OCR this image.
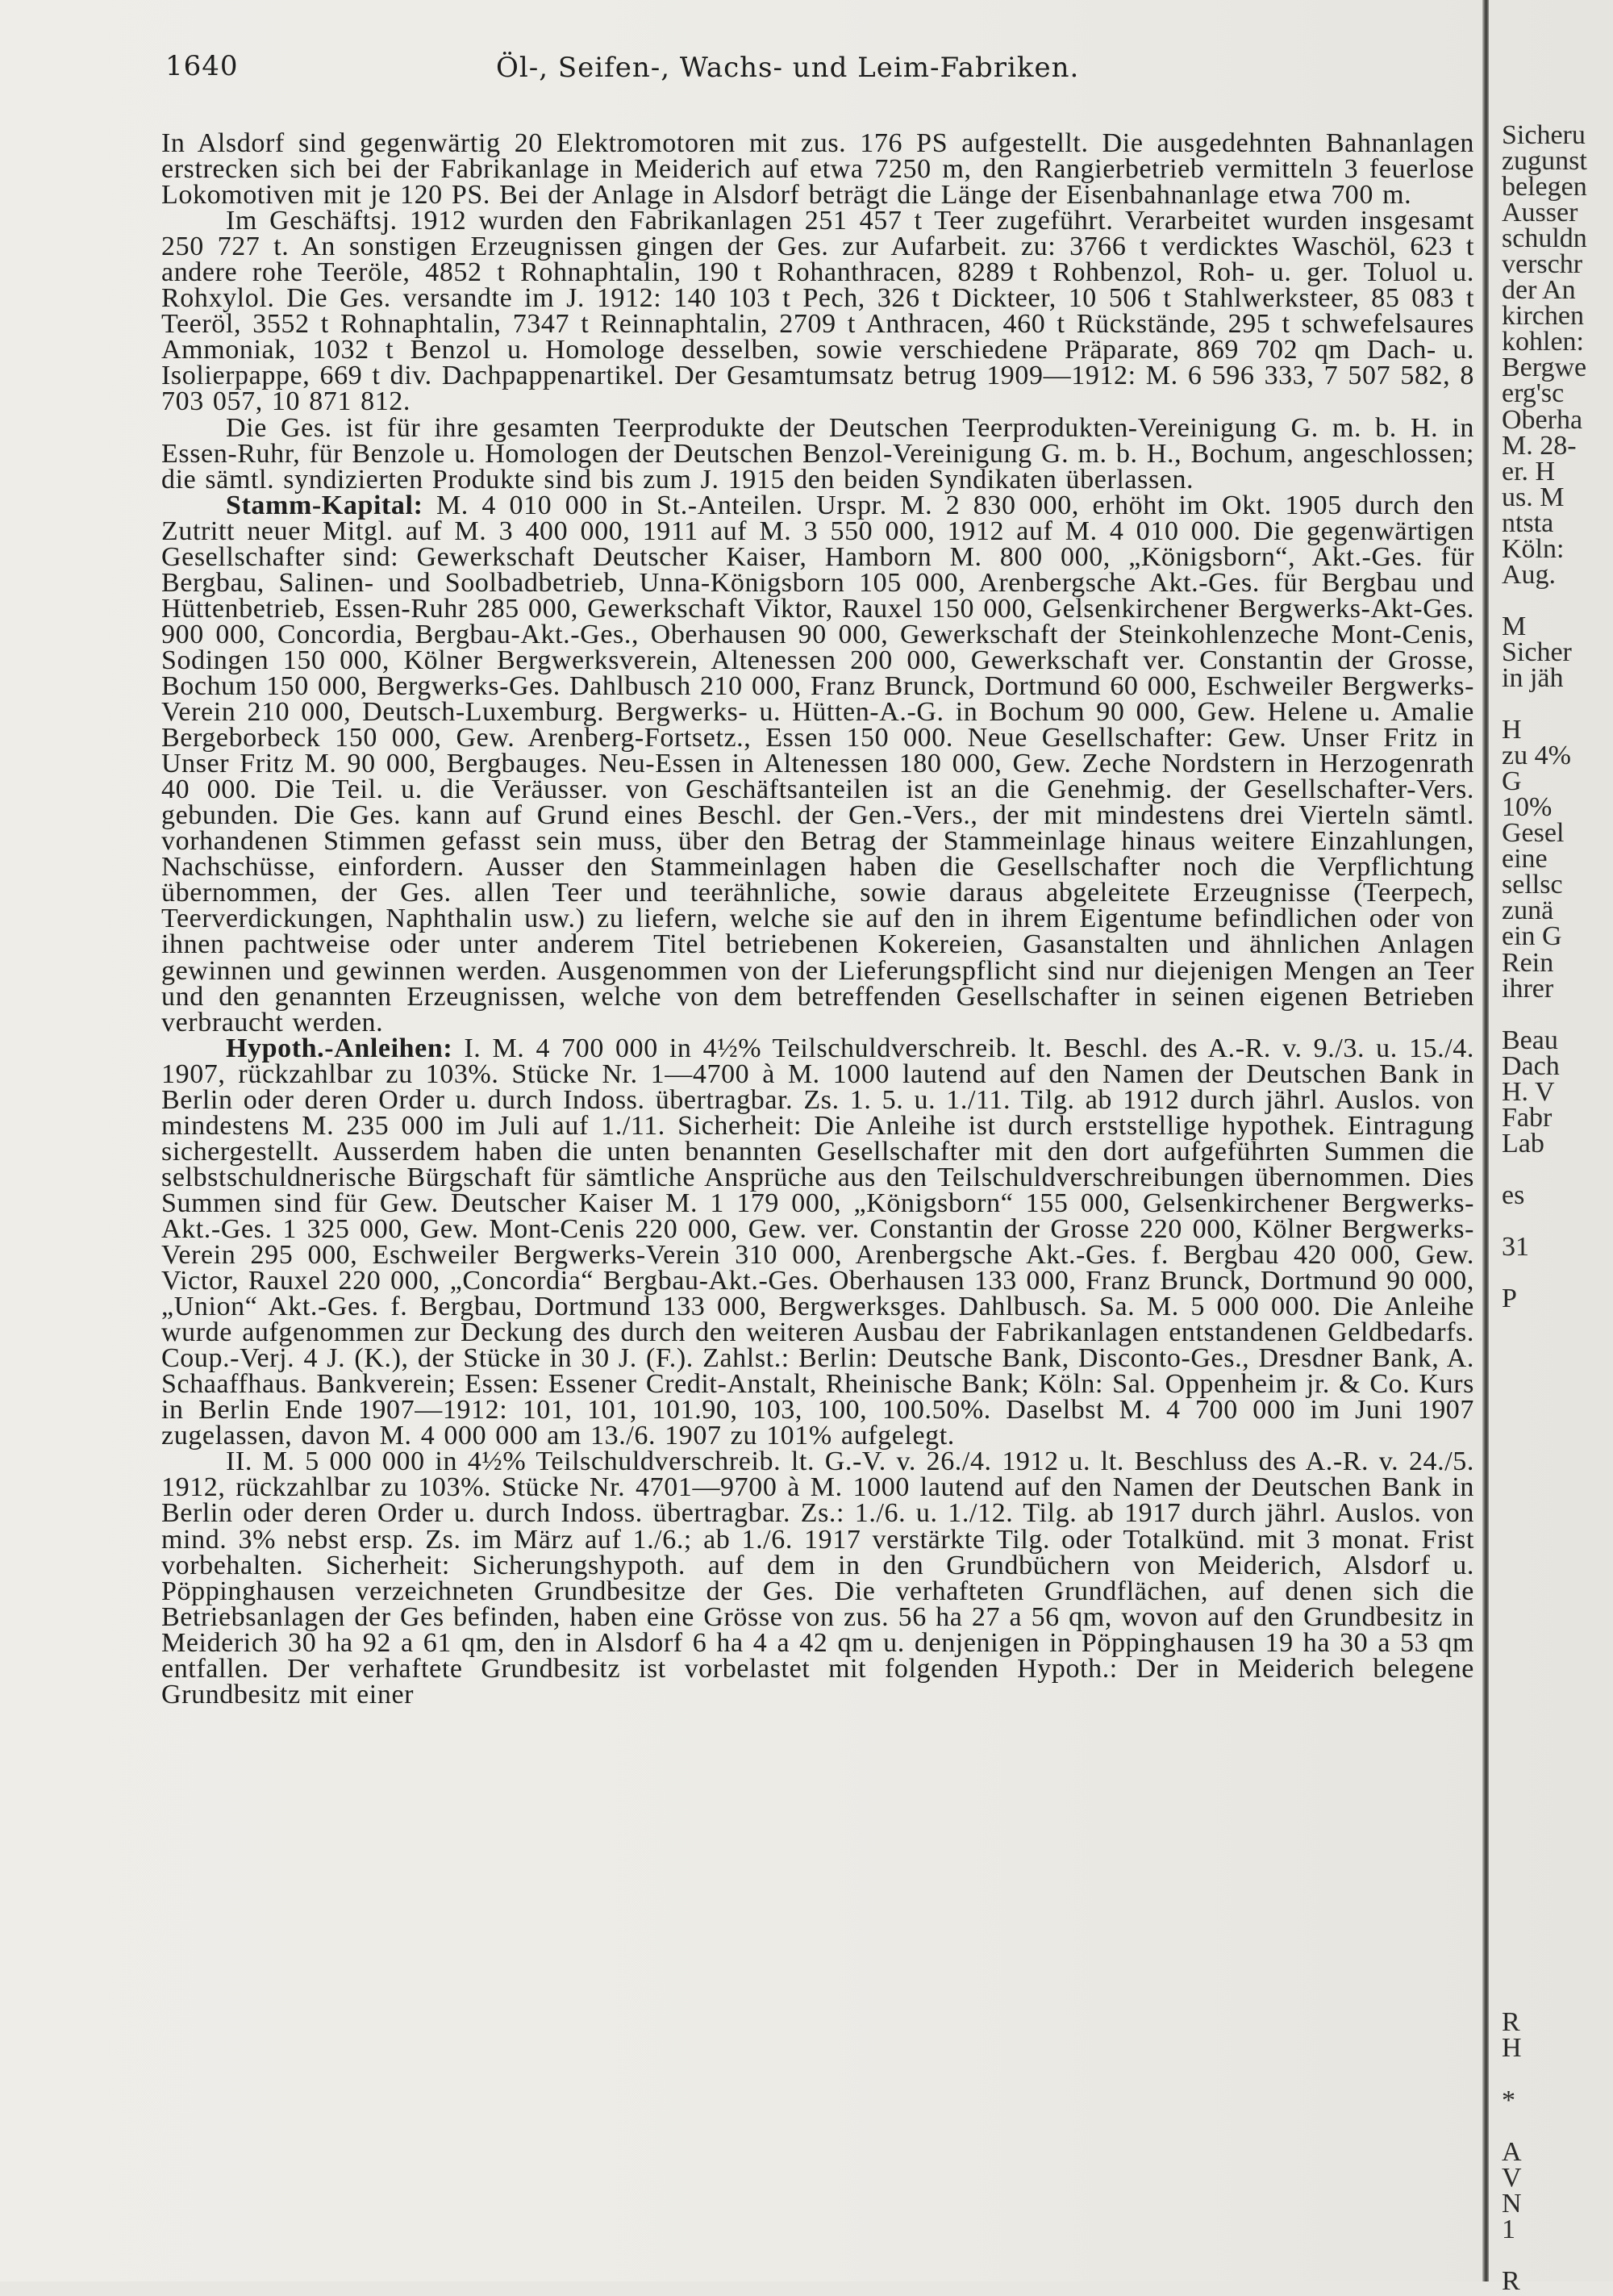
1640	Öl-, Seifen-, Wachs- und Leim-Fabriken.

In Alsdorf sind gegenwärtig 20 Elektromotoren mit zus. 176 PS aufgestellt. Die ausgedehnten Bahnanlagen erstrecken sich bei der Fabrikanlage in Meiderich auf etwa 7250 m, den Rangierbetrieb vermitteln 3 feuerlose Lokomotiven mit je 120 PS. Bei der Anlage in Alsdorf beträgt die Länge der Eisenbahnanlage etwa 700 m.

Im Geschäftsj. 1912 wurden den Fabrikanlagen 251 457 t Teer zugeführt. Verarbeitet wurden insgesamt 250 727 t. An sonstigen Erzeugnissen gingen der Ges. zur Aufarbeit. zu: 3766 t verdicktes Waschöl, 623 t andere rohe Teeröle, 4852 t Rohnaphtalin, 190 t Rohanthracen, 8289 t Rohbenzol, Roh- u. ger. Toluol u. Rohxylol. Die Ges. versandte im J. 1912: 140 103 t Pech, 326 t Dickteer, 10 506 t Stahlwerksteer, 85 083 t Teeröl, 3552 t Rohnaphtalin, 7347 t Reinnaphtalin, 2709 t Anthracen, 460 t Rückstände, 295 t schwefelsaures Ammoniak, 1032 t Benzol u. Homologe desselben, sowie verschiedene Präparate, 869 702 qm Dach- u. Isolierpappe, 669 t div. Dachpappenartikel. Der Gesamtumsatz betrug 1909—1912: M. 6 596 333, 7 507 582, 8 703 057, 10 871 812.

Die Ges. ist für ihre gesamten Teerprodukte der Deutschen Teerprodukten-Vereinigung G. m. b. H. in Essen-Ruhr, für Benzole u. Homologen der Deutschen Benzol-Vereinigung G. m. b. H., Bochum, angeschlossen; die sämtl. syndizierten Produkte sind bis zum J. 1915 den beiden Syndikaten überlassen.

Stamm-Kapital: M. 4 010 000 in St.-Anteilen. Urspr. M. 2 830 000, erhöht im Okt. 1905 durch den Zutritt neuer Mitgl. auf M. 3 400 000, 1911 auf M. 3 550 000, 1912 auf M. 4 010 000. Die gegenwärtigen Gesellschafter sind: Gewerkschaft Deutscher Kaiser, Hamborn M. 800 000, „Königsborn“, Akt.-Ges. für Bergbau, Salinen- und Soolbadbetrieb, Unna-Königsborn 105 000, Arenbergsche Akt.-Ges. für Bergbau und Hüttenbetrieb, Essen-Ruhr 285 000, Gewerkschaft Viktor, Rauxel 150 000, Gelsenkirchener Bergwerks-Akt-Ges. 900 000, Concordia, Bergbau-Akt.-Ges., Oberhausen 90 000, Gewerkschaft der Steinkohlenzeche Mont-Cenis, Sodingen 150 000, Kölner Bergwerksverein, Altenessen 200 000, Gewerkschaft ver. Constantin der Grosse, Bochum 150 000, Bergwerks-Ges. Dahlbusch 210 000, Franz Brunck, Dortmund 60 000, Eschweiler Bergwerks-Verein 210 000, Deutsch-Luxemburg. Bergwerks- u. Hütten-A.-G. in Bochum 90 000, Gew. Helene u. Amalie Bergeborbeck 150 000, Gew. Arenberg-Fortsetz., Essen 150 000. Neue Gesellschafter: Gew. Unser Fritz in Unser Fritz M. 90 000, Bergbauges. Neu-Essen in Altenessen 180 000, Gew. Zeche Nordstern in Herzogenrath 40 000. Die Teil. u. die Veräusser. von Geschäftsanteilen ist an die Genehmig. der Gesellschafter-Vers. gebunden. Die Ges. kann auf Grund eines Beschl. der Gen.-Vers., der mit mindestens drei Vierteln sämtl. vorhandenen Stimmen gefasst sein muss, über den Betrag der Stammeinlage hinaus weitere Einzahlungen, Nachschüsse, einfordern. Ausser den Stammeinlagen haben die Gesellschafter noch die Verpflichtung übernommen, der Ges. allen Teer und teerähnliche, sowie daraus abgeleitete Erzeugnisse (Teerpech, Teerverdickungen, Naphthalin usw.) zu liefern, welche sie auf den in ihrem Eigentume befindlichen oder von ihnen pachtweise oder unter anderem Titel betriebenen Kokereien, Gasanstalten und ähnlichen Anlagen gewinnen und gewinnen werden. Ausgenommen von der Lieferungspflicht sind nur diejenigen Mengen an Teer und den genannten Erzeugnissen, welche von dem betreffenden Gesellschafter in seinen eigenen Betrieben verbraucht werden.

Hypoth.-Anleihen: I. M. 4 700 000 in 4½% Teilschuldverschreib. lt. Beschl. des A.-R. v. 9./3. u. 15./4. 1907, rückzahlbar zu 103%. Stücke Nr. 1—4700 à M. 1000 lautend auf den Namen der Deutschen Bank in Berlin oder deren Order u. durch Indoss. übertragbar. Zs. 1. 5. u. 1./11. Tilg. ab 1912 durch jährl. Auslos. von mindestens M. 235 000 im Juli auf 1./11. Sicherheit: Die Anleihe ist durch erststellige hypothek. Eintragung sichergestellt. Ausserdem haben die unten benannten Gesellschafter mit den dort aufgeführten Summen die selbstschuldnerische Bürgschaft für sämtliche Ansprüche aus den Teilschuldverschreibungen übernommen. Dies Summen sind für Gew. Deutscher Kaiser M. 1 179 000, „Königsborn“ 155 000, Gelsenkirchener Bergwerks-Akt.-Ges. 1 325 000, Gew. Mont-Cenis 220 000, Gew. ver. Constantin der Grosse 220 000, Kölner Bergwerks-Verein 295 000, Eschweiler Bergwerks-Verein 310 000, Arenbergsche Akt.-Ges. f. Bergbau 420 000, Gew. Victor, Rauxel 220 000, „Concordia“ Bergbau-Akt.-Ges. Oberhausen 133 000, Franz Brunck, Dortmund 90 000, „Union“ Akt.-Ges. f. Bergbau, Dortmund 133 000, Bergwerksges. Dahlbusch. Sa. M. 5 000 000. Die Anleihe wurde aufgenommen zur Deckung des durch den weiteren Ausbau der Fabrikanlagen entstandenen Geldbedarfs. Coup.-Verj. 4 J. (K.), der Stücke in 30 J. (F.). Zahlst.: Berlin: Deutsche Bank, Disconto-Ges., Dresdner Bank, A. Schaaffhaus. Bankverein; Essen: Essener Credit-Anstalt, Rheinische Bank; Köln: Sal. Oppenheim jr. & Co. Kurs in Berlin Ende 1907—1912: 101, 101, 101.90, 103, 100, 100.50%. Daselbst M. 4 700 000 im Juni 1907 zugelassen, davon M. 4 000 000 am 13./6. 1907 zu 101% aufgelegt.

II. M. 5 000 000 in 4½% Teilschuldverschreib. lt. G.-V. v. 26./4. 1912 u. lt. Beschluss des A.-R. v. 24./5. 1912, rückzahlbar zu 103%. Stücke Nr. 4701—9700 à M. 1000 lautend auf den Namen der Deutschen Bank in Berlin oder deren Order u. durch Indoss. übertragbar. Zs.: 1./6. u. 1./12. Tilg. ab 1917 durch jährl. Auslos. von mind. 3% nebst ersp. Zs. im März auf 1./6.; ab 1./6. 1917 verstärkte Tilg. oder Totalkünd. mit 3 monat. Frist vorbehalten. Sicherheit: Sicherungshypoth. auf dem in den Grundbüchern von Meiderich, Alsdorf u. Pöppinghausen verzeichneten Grundbesitze der Ges. Die verhafteten Grundflächen, auf denen sich die Betriebsanlagen der Ges befinden, haben eine Grösse von zus. 56 ha 27 a 56 qm, wovon auf den Grundbesitz in Meiderich 30 ha 92 a 61 qm, den in Alsdorf 6 ha 4 a 42 qm u. denjenigen in Pöppinghausen 19 ha 30 a 53 qm entfallen. Der verhaftete Grundbesitz ist vorbelastet mit folgenden Hypoth.: Der in Meiderich belegene Grundbesitz mit einer

Sicheru
zugunst
belegen
Ausser
schuldn
verschr
der An
kirchen
kohlen:
Bergwe
erg'sc
Oberha
M. 28-
er. H
us. M
ntsta
Köln:
Aug.
M
Sicher
in jäh
H
zu 4%
G
10%
Gesel
eine
sellsc
zunä
ein G
Rein
ihrer
Beau
Dach
H. V
Fabr
Lab
es
31
P
R
H
*
A
V
N
1
R
